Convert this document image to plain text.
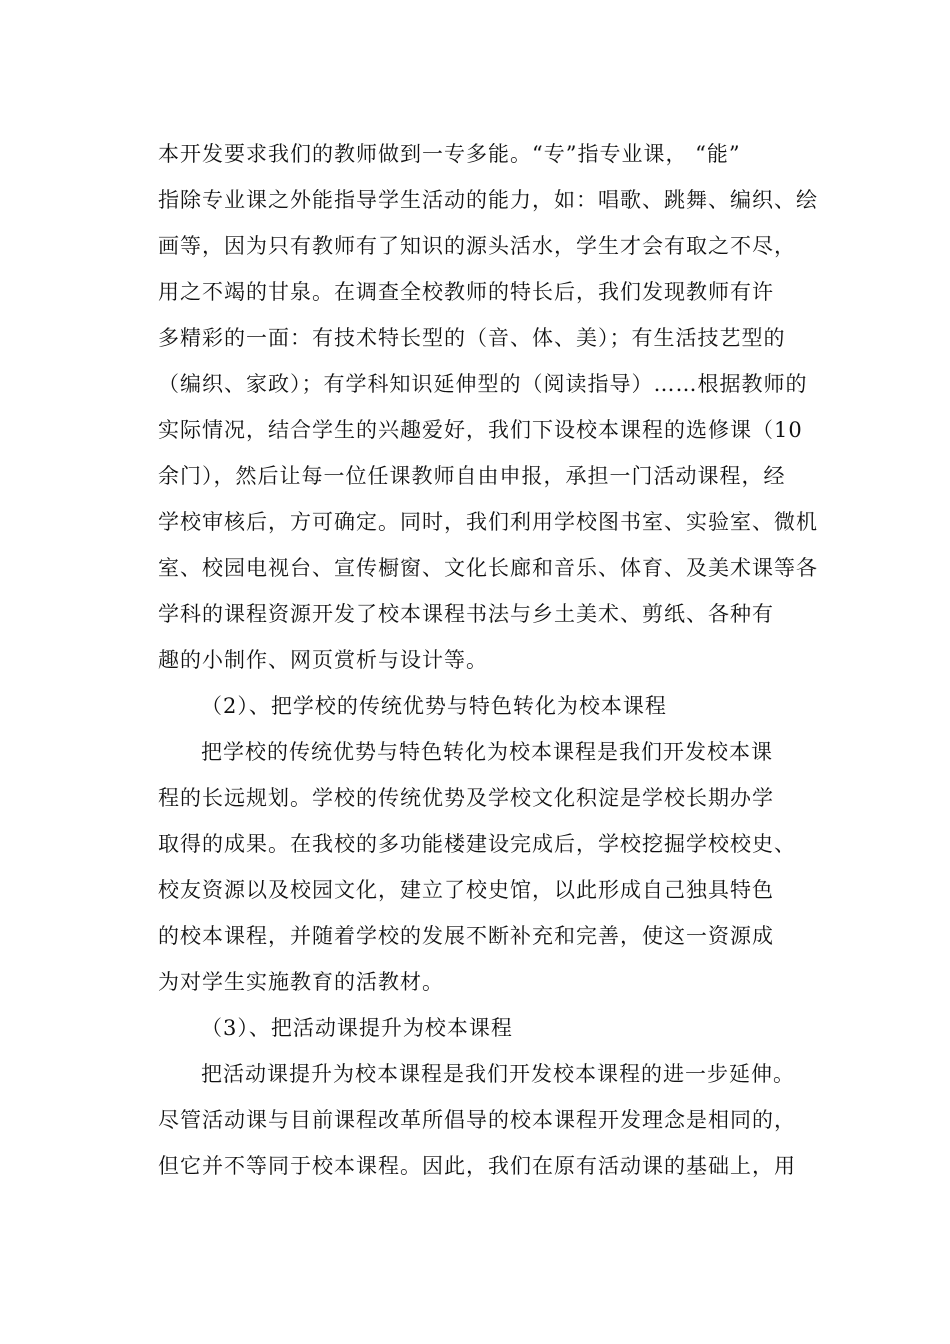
本开发要求我们的教师做到一专多能。“专”指专业课， “能”
指除专业课之外能指导学生活动的能力，如：唱歌、跳舞、编织、绘
画等，因为只有教师有了知识的源头活水，学生才会有取之不尽，
用之不竭的甘泉。在调查全校教师的特长后，我们发现教师有许
多精彩的一面：有技术特长型的（音、体、美）；有生活技艺型的
（编织、家政）；有学科知识延伸型的（阅读指导）……根据教师的
实际情况，结合学生的兴趣爱好，我们下设校本课程的选修课（10
余门），然后让每一位任课教师自由申报，承担一门活动课程，经
学校审核后，方可确定。同时，我们利用学校图书室、实验室、微机
室、校园电视台、宣传橱窗、文化长廊和音乐、体育、及美术课等各
学科的课程资源开发了校本课程书法与乡土美术、剪纸、各种有
趣的小制作、网页赏析与设计等。
（2）、把学校的传统优势与特色转化为校本课程
把学校的传统优势与特色转化为校本课程是我们开发校本课
程的长远规划。学校的传统优势及学校文化积淀是学校长期办学
取得的成果。在我校的多功能楼建设完成后，学校挖掘学校校史、
校友资源以及校园文化，建立了校史馆，以此形成自己独具特色
的校本课程，并随着学校的发展不断补充和完善，使这一资源成
为对学生实施教育的活教材。
（3）、把活动课提升为校本课程
把活动课提升为校本课程是我们开发校本课程的进一步延伸。
尽管活动课与目前课程改革所倡导的校本课程开发理念是相同的，
但它并不等同于校本课程。因此，我们在原有活动课的基础上，用
